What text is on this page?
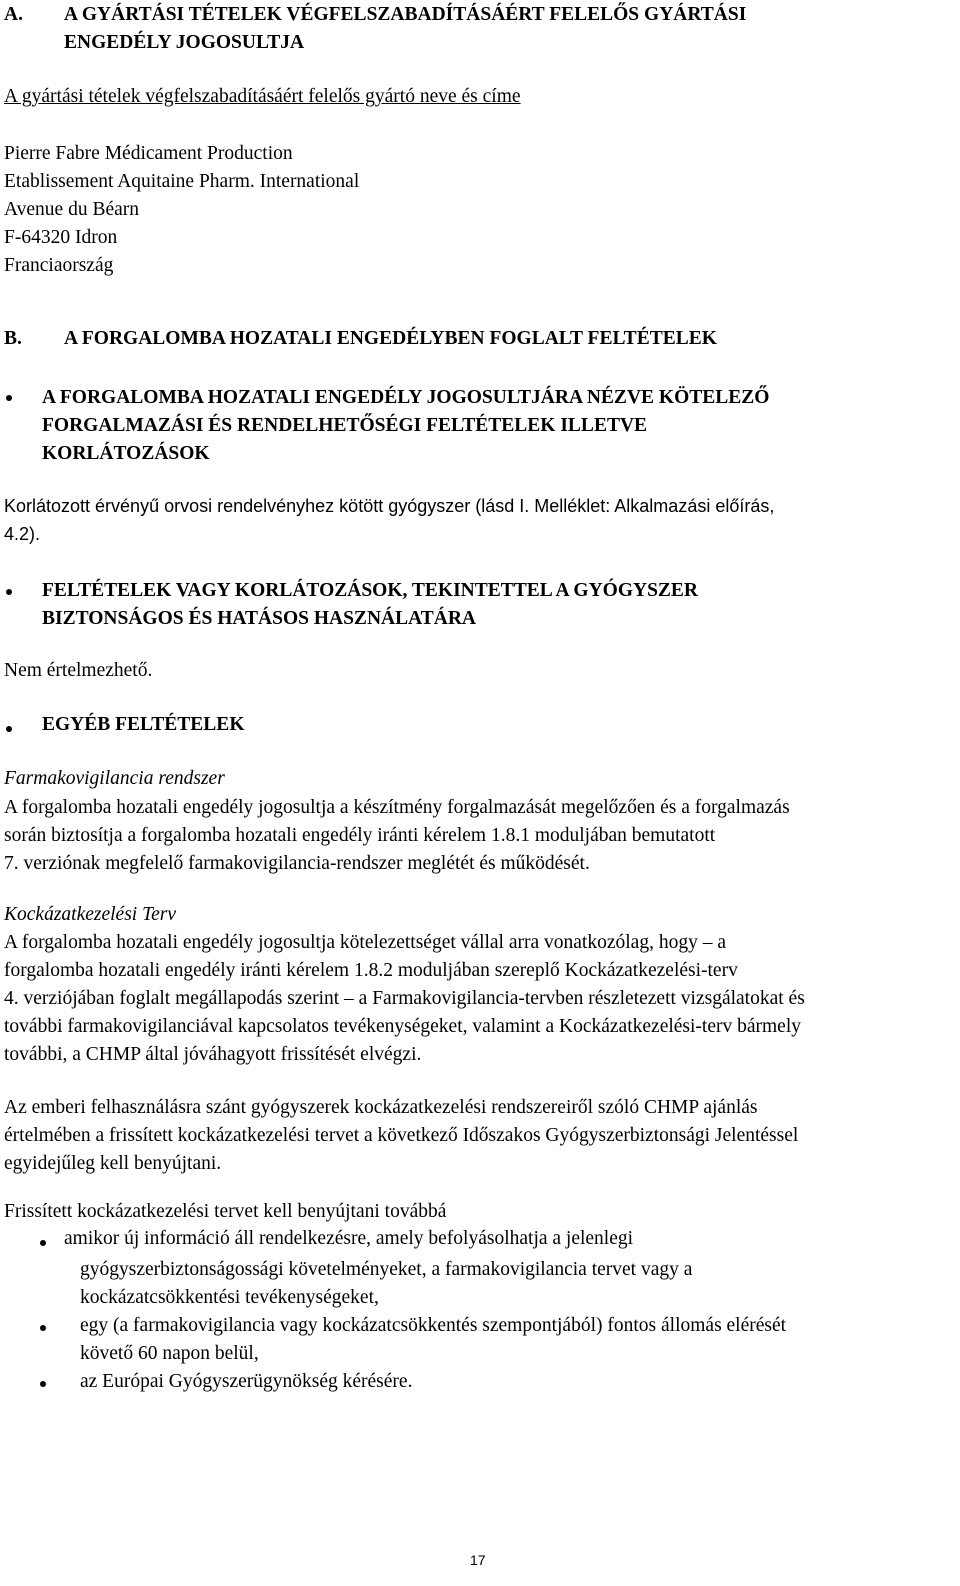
A. A GYÁRTÁSI TÉTELEK VÉGFELSZABADÍTÁSÁÉRT FELELŐS GYÁRTÁSI
ENGEDÉLY JOGOSULTJA
A gyártási tételek végfelszabadításáért felelős gyártó neve és címe
Pierre Fabre Médicament Production
Etablissement Aquitaine Pharm. International
Avenue du Béarn
F-64320 Idron
Franciaország
B. A FORGALOMBA HOZATALI ENGEDÉLYBEN FOGLALT FELTÉTELEK
A FORGALOMBA HOZATALI ENGEDÉLY JOGOSULTJÁRA NÉZVE KÖTELEZŐ
FORGALMAZÁSI ÉS RENDELHETŐSÉGI FELTÉTELEK ILLETVE
KORLÁTOZÁSOK
Korlátozott érvényű orvosi rendelvényhez kötött gyógyszer (lásd I. Melléklet: Alkalmazási előírás,
4.2).
FELTÉTELEK VAGY KORLÁTOZÁSOK, TEKINTETTEL A GYÓGYSZER
BIZTONSÁGOS ÉS HATÁSOS HASZNÁLATÁRA
Nem értelmezhető.
EGYÉB FELTÉTELEK
Farmakovigilancia rendszer
A forgalomba hozatali engedély jogosultja a készítmény forgalmazását megelőzően és a forgalmazás
során biztosítja a forgalomba hozatali engedély iránti kérelem 1.8.1 moduljában bemutatott
7. verziónak megfelelő farmakovigilancia-rendszer meglétét és működését.
Kockázatkezelési Terv
A forgalomba hozatali engedély jogosultja kötelezettséget vállal arra vonatkozólag, hogy – a
forgalomba hozatali engedély iránti kérelem 1.8.2 moduljában szereplő Kockázatkezelési-terv
4. verziójában foglalt megállapodás szerint – a Farmakovigilancia-tervben részletezett vizsgálatokat és
további farmakovigilanciával kapcsolatos tevékenységeket, valamint a Kockázatkezelési-terv bármely
további, a CHMP által jóváhagyott frissítését elvégzi.
Az emberi felhasználásra szánt gyógyszerek kockázatkezelési rendszereiről szóló CHMP ajánlás
értelmében a frissített kockázatkezelési tervet a következő Időszakos Gyógyszerbiztonsági Jelentéssel
egyidejűleg kell benyújtani.
Frissített kockázatkezelési tervet kell benyújtani továbbá
amikor új információ áll rendelkezésre, amely befolyásolhatja a jelenlegi
gyógyszerbiztonságossági követelményeket, a farmakovigilancia tervet vagy a
kockázatcsökkentési tevékenységeket,
egy (a farmakovigilancia vagy kockázatcsökkentés szempontjából) fontos állomás elérését
követő 60 napon belül,
az Európai Gyógyszerügynökség kérésére.
17
